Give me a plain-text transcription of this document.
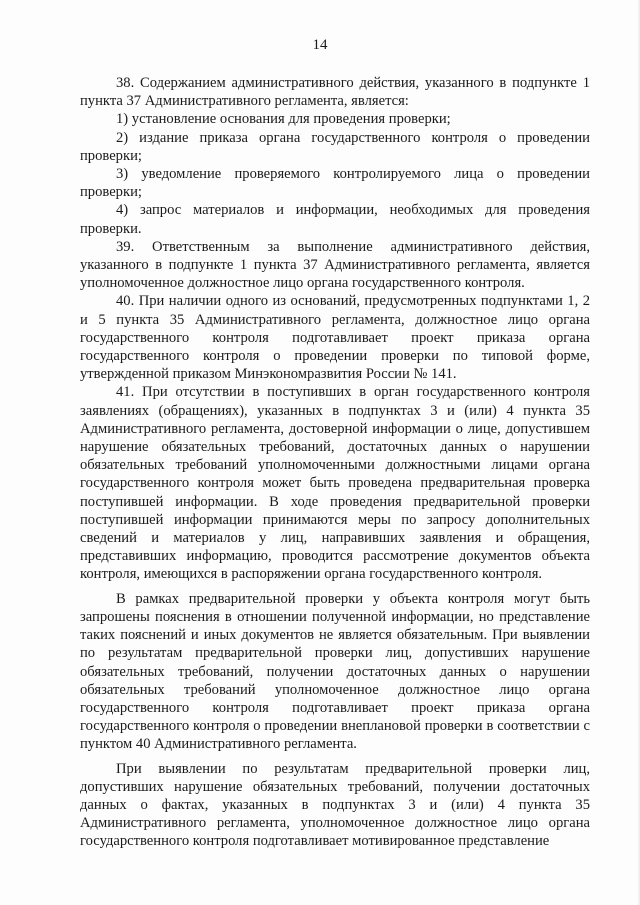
14

38. Содержанием административного действия, указанного в подпункте 1 пункта 37 Административного регламента, является:

1) установление основания для проведения проверки;

2) издание приказа органа государственного контроля о проведении проверки;

3) уведомление проверяемого контролируемого лица о проведении проверки;

4) запрос материалов и информации, необходимых для проведения проверки.

39. Ответственным за выполнение административного действия, указанного в подпункте 1 пункта 37 Административного регламента, является уполномоченное должностное лицо органа государственного контроля.

40. При наличии одного из оснований, предусмотренных подпунктами 1, 2 и 5 пункта 35 Административного регламента, должностное лицо органа государственного контроля подготавливает проект приказа органа государственного контроля о проведении проверки по типовой форме, утвержденной приказом Минэкономразвития России № 141.

41. При отсутствии в поступивших в орган государственного контроля заявлениях (обращениях), указанных в подпунктах 3 и (или) 4 пункта 35 Административного регламента, достоверной информации о лице, допустившем нарушение обязательных требований, достаточных данных о нарушении обязательных требований уполномоченными должностными лицами органа государственного контроля может быть проведена предварительная проверка поступившей информации. В ходе проведения предварительной проверки поступившей информации принимаются меры по запросу дополнительных сведений и материалов у лиц, направивших заявления и обращения, представивших информацию, проводится рассмотрение документов объекта контроля, имеющихся в распоряжении органа государственного контроля.

В рамках предварительной проверки у объекта контроля могут быть запрошены пояснения в отношении полученной информации, но представление таких пояснений и иных документов не является обязательным. При выявлении по результатам предварительной проверки лиц, допустивших нарушение обязательных требований, получении достаточных данных о нарушении обязательных требований уполномоченное должностное лицо органа государственного контроля подготавливает проект приказа органа государственного контроля о проведении внеплановой проверки в соответствии с пунктом 40 Административного регламента.

При выявлении по результатам предварительной проверки лиц, допустивших нарушение обязательных требований, получении достаточных данных о фактах, указанных в подпунктах 3 и (или) 4 пункта 35 Административного регламента, уполномоченное должностное лицо органа государственного контроля подготавливает мотивированное представление
